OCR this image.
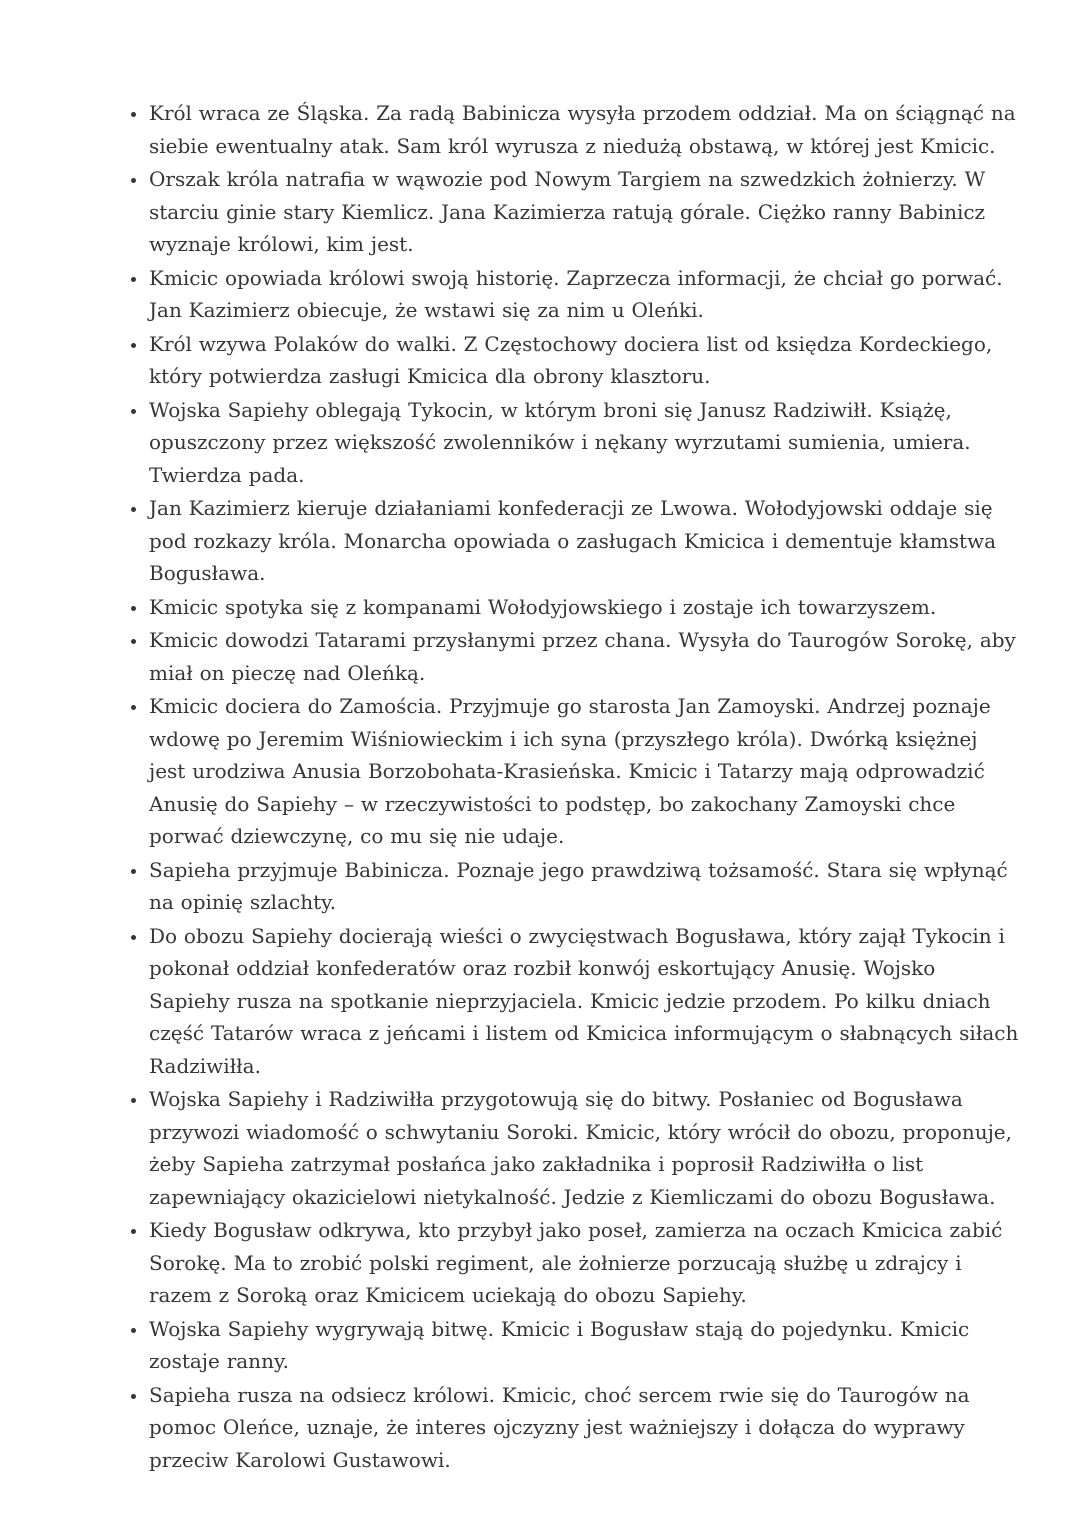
• Król wraca ze Śląska. Za radą Babinicza wysyła przodem oddział. Ma on ściągnąć na siebie ewentualny atak. Sam król wyrusza z niedużą obstawą, w której jest Kmicic.
• Orszak króla natrafia w wąwozie pod Nowym Targiem na szwedzkich żołnierzy. W starciu ginie stary Kiemlicz. Jana Kazimierza ratują górale. Ciężko ranny Babinicz wyznaje królowi, kim jest.
• Kmicic opowiada królowi swoją historię. Zaprzecza informacji, że chciał go porwać. Jan Kazimierz obiecuje, że wstawi się za nim u Oleńki.
• Król wzywa Polaków do walki. Z Częstochowy dociera list od księdza Kordeckiego, który potwierdza zasługi Kmicica dla obrony klasztoru.
• Wojska Sapiehy oblegają Tykocin, w którym broni się Janusz Radziwiłł. Książę, opuszczony przez większość zwolenników i nękany wyrzutami sumienia, umiera. Twierdza pada.
• Jan Kazimierz kieruje działaniami konfederacji ze Lwowa. Wołodyjowski oddaje się pod rozkazy króla. Monarcha opowiada o zasługach Kmicica i dementuje kłamstwa Bogusława.
• Kmicic spotyka się z kompanami Wołodyjowskiego i zostaje ich towarzyszem.
• Kmicic dowodzi Tatarami przysłanymi przez chana. Wysyła do Taurogów Sorokę, aby miał on pieczę nad Oleńką.
• Kmicic dociera do Zamościa. Przyjmuje go starosta Jan Zamoyski. Andrzej poznaje wdowę po Jeremim Wiśniowieckim i ich syna (przyszłego króla). Dwórką księżnej jest urodziwa Anusia Borzobohata-Krasieńska. Kmicic i Tatarzy mają odprowadzić Anusię do Sapiehy – w rzeczywistości to podstęp, bo zakochany Zamoyski chce porwać dziewczynę, co mu się nie udaje.
• Sapieha przyjmuje Babinicza. Poznaje jego prawdziwą tożsamość. Stara się wpłynąć na opinię szlachty.
• Do obozu Sapiehy docierają wieści o zwycięstwach Bogusława, który zajął Tykocin i pokonał oddział konfederatów oraz rozbił konwój eskortujący Anusię. Wojsko Sapiehy rusza na spotkanie nieprzyjaciela. Kmicic jedzie przodem. Po kilku dniach część Tatarów wraca z jeńcami i listem od Kmicica informującym o słabnących siłach Radziwiłła.
• Wojska Sapiehy i Radziwiłła przygotowują się do bitwy. Posłaniec od Bogusława przywozi wiadomość o schwytaniu Soroki. Kmicic, który wrócił do obozu, proponuje, żeby Sapieha zatrzymał posłańca jako zakładnika i poprosił Radziwiłła o list zapewniający okazicielowi nietykalność. Jedzie z Kiemliczami do obozu Bogusława.
• Kiedy Bogusław odkrywa, kto przybył jako poseł, zamierza na oczach Kmicica zabić Sorokę. Ma to zrobić polski regiment, ale żołnierze porzucają służbę u zdrajcy i razem z Soroką oraz Kmicicem uciekają do obozu Sapiehy.
• Wojska Sapiehy wygrywają bitwę. Kmicic i Bogusław stają do pojedynku. Kmicic zostaje ranny.
• Sapieha rusza na odsiecz królowi. Kmicic, choć sercem rwie się do Taurogów na pomoc Oleńce, uznaje, że interes ojczyzny jest ważniejszy i dołącza do wyprawy przeciw Karolowi Gustawowi.
